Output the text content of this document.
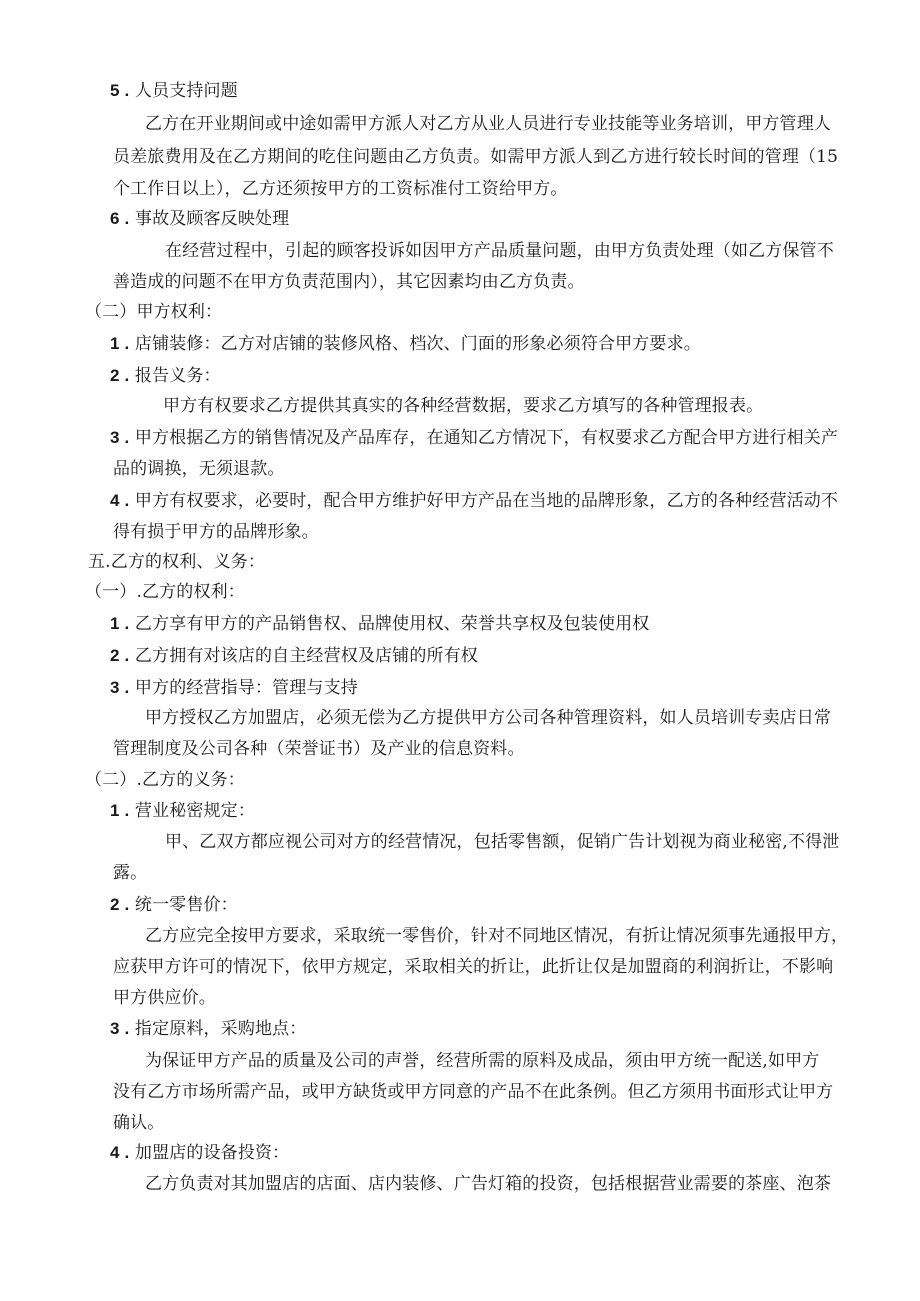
5 . 人员支持问题
乙方在开业期间或中途如需甲方派人对乙方从业人员进行专业技能等业务培训，甲方管理人
员差旅费用及在乙方期间的吃住问题由乙方负责。如需甲方派人到乙方进行较长时间的管理（15
个工作日以上），乙方还须按甲方的工资标准付工资给甲方。
6 . 事故及顾客反映处理
在经营过程中，引起的顾客投诉如因甲方产品质量问题，由甲方负责处理（如乙方保管不
善造成的问题不在甲方负责范围内），其它因素均由乙方负责。
（二）甲方权利：
1 . 店铺装修：乙方对店铺的装修风格、档次、门面的形象必须符合甲方要求。
2 . 报告义务：
甲方有权要求乙方提供其真实的各种经营数据，要求乙方填写的各种管理报表。
3 . 甲方根据乙方的销售情况及产品库存，在通知乙方情况下，有权要求乙方配合甲方进行相关产
品的调换，无须退款。
4 . 甲方有权要求，必要时，配合甲方维护好甲方产品在当地的品牌形象，乙方的各种经营活动不
得有损于甲方的品牌形象。
五.乙方的权利、义务：
（一）.乙方的权利：
1 . 乙方享有甲方的产品销售权、品牌使用权、荣誉共享权及包装使用权
2 . 乙方拥有对该店的自主经营权及店铺的所有权
3 . 甲方的经营指导：管理与支持
甲方授权乙方加盟店，必须无偿为乙方提供甲方公司各种管理资料，如人员培训专卖店日常
管理制度及公司各种（荣誉证书）及产业的信息资料。
（二）.乙方的义务：
1 . 营业秘密规定：
甲、乙双方都应视公司对方的经营情况，包括零售额，促销广告计划视为商业秘密,不得泄
露。
2 . 统一零售价：
乙方应完全按甲方要求，采取统一零售价，针对不同地区情况，有折让情况须事先通报甲方，
应获甲方许可的情况下，依甲方规定，采取相关的折让，此折让仅是加盟商的利润折让，不影响
甲方供应价。
3 . 指定原料，采购地点：
为保证甲方产品的质量及公司的声誉，经营所需的原料及成品，须由甲方统一配送,如甲方
没有乙方市场所需产品，或甲方缺货或甲方同意的产品不在此条例。但乙方须用书面形式让甲方
确认。
4 . 加盟店的设备投资：
乙方负责对其加盟店的店面、店内装修、广告灯箱的投资，包括根据营业需要的茶座、泡茶
